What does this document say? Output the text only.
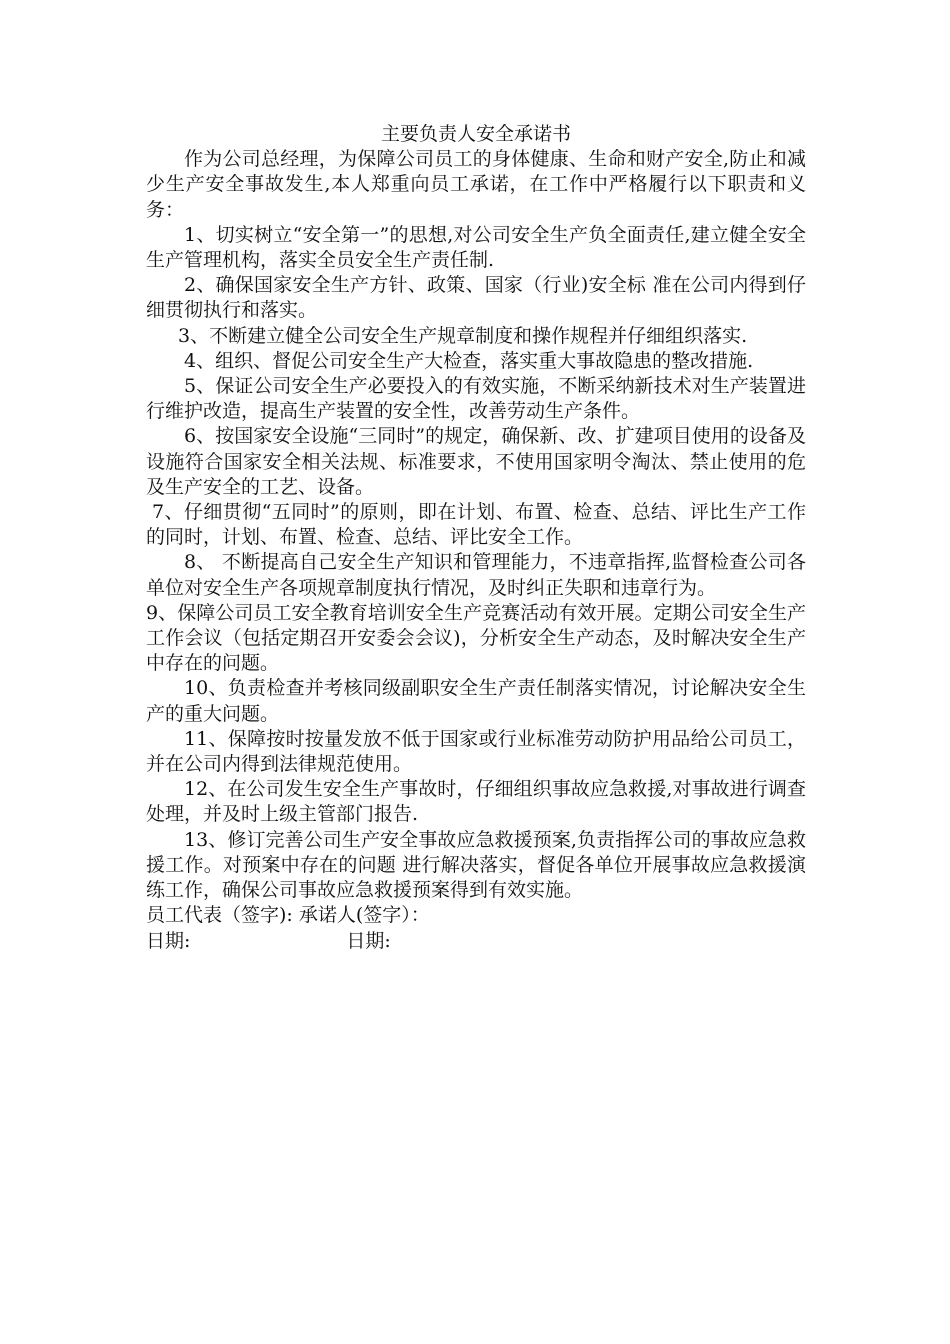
主要负责人安全承诺书

作为公司总经理，为保障公司员工的身体健康、生命和财产安全,防止和减少生产安全事故发生,本人郑重向员工承诺，在工作中严格履行以下职责和义务：

1、切实树立“安全第一”的思想,对公司安全生产负全面责任,建立健全安全生产管理机构，落实全员安全生产责任制.

2、确保国家安全生产方针、政策、国家（行业)安全标 准在公司内得到仔细贯彻执行和落实。

3、不断建立健全公司安全生产规章制度和操作规程并仔细组织落实.

4、组织、督促公司安全生产大检查，落实重大事故隐患的整改措施.

5、保证公司安全生产必要投入的有效实施，不断采纳新技术对生产装置进行维护改造，提高生产装置的安全性，改善劳动生产条件。

6、按国家安全设施“三同时”的规定，确保新、改、扩建项目使用的设备及设施符合国家安全相关法规、标准要求，不使用国家明令淘汰、禁止使用的危及生产安全的工艺、设备。

7、仔细贯彻“五同时”的原则，即在计划、布置、检查、总结、评比生产工作的同时，计划、布置、检查、总结、评比安全工作。

8、 不断提高自己安全生产知识和管理能力，不违章指挥,监督检查公司各单位对安全生产各项规章制度执行情况，及时纠正失职和违章行为。

9、保障公司员工安全教育培训安全生产竞赛活动有效开展。定期公司安全生产工作会议（包括定期召开安委会会议)，分析安全生产动态，及时解决安全生产中存在的问题。

10、负责检查并考核同级副职安全生产责任制落实情况，讨论解决安全生产的重大问题。

11、保障按时按量发放不低于国家或行业标准劳动防护用品给公司员工，并在公司内得到法律规范使用。

12、在公司发生安全生产事故时，仔细组织事故应急救援,对事故进行调查处理，并及时上级主管部门报告.

13、修订完善公司生产安全事故应急救援预案,负责指挥公司的事故应急救援工作。对预案中存在的问题 进行解决落实，督促各单位开展事故应急救援演练工作，确保公司事故应急救援预案得到有效实施。

员工代表（签字): 承诺人(签字）：

日期:	日期:
